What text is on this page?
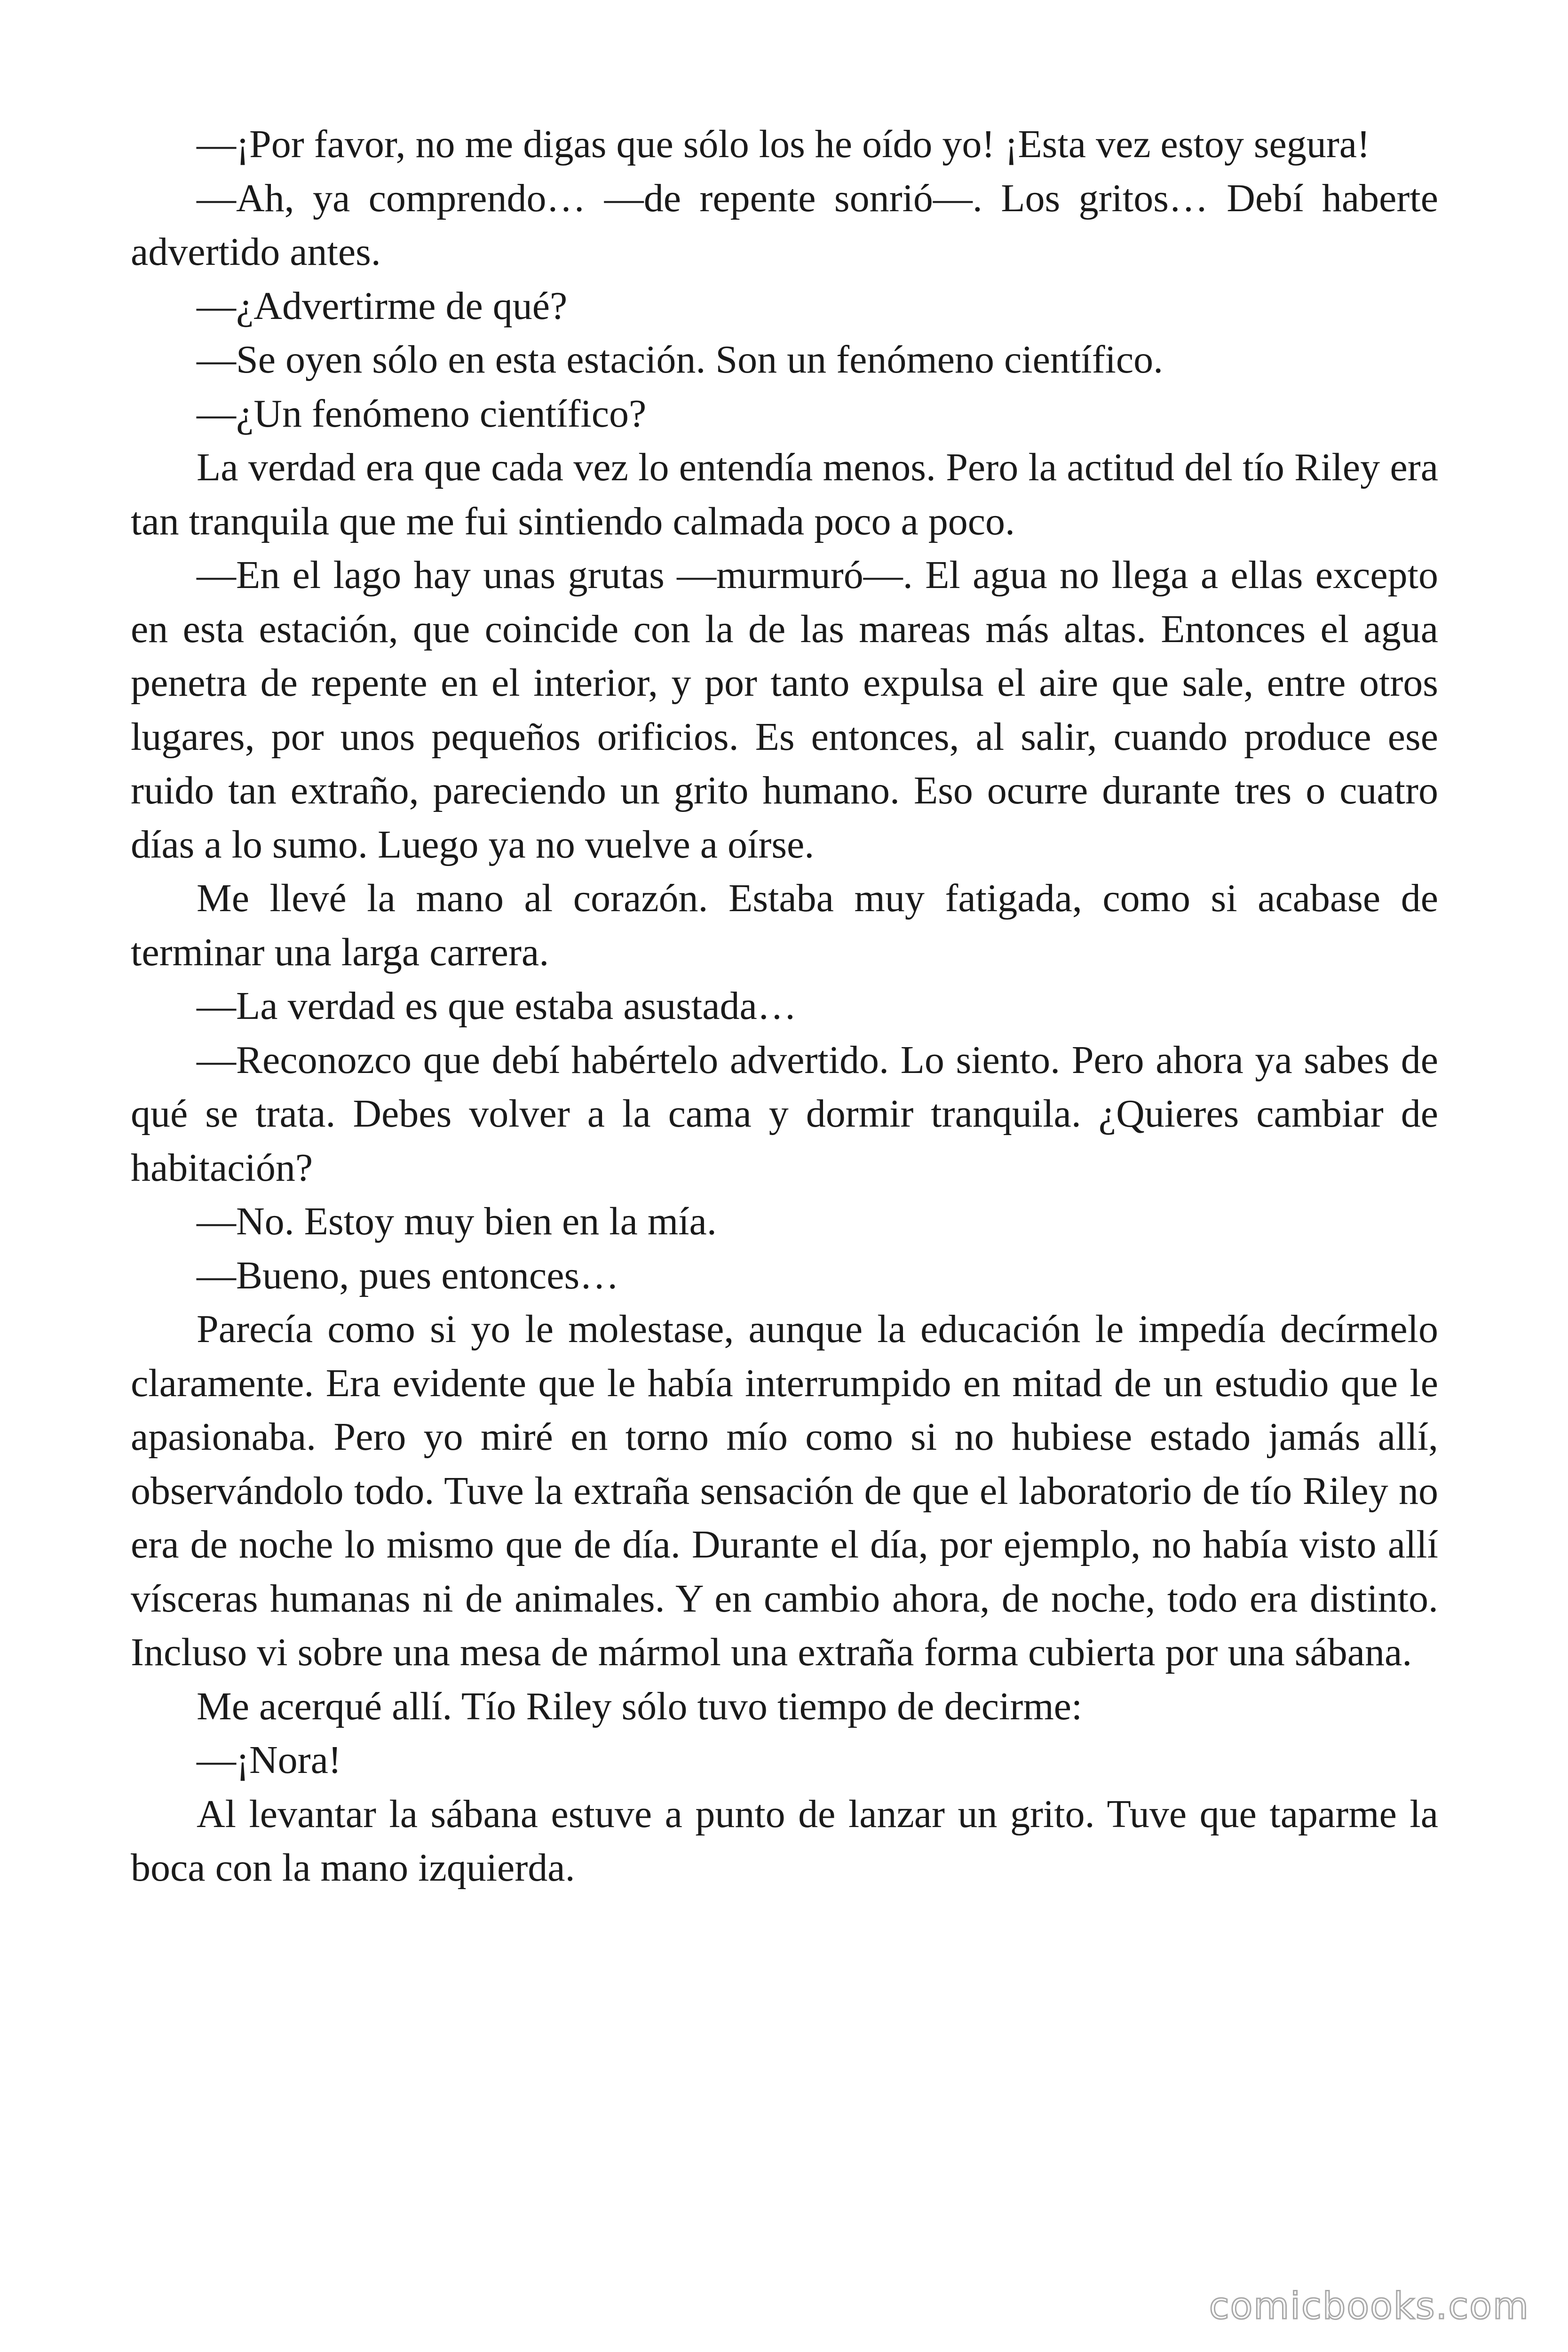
—¡Por favor, no me digas que sólo los he oído yo! ¡Esta vez estoy segura!

—Ah, ya comprendo… —de repente sonrió—. Los gritos… Debí haberte advertido antes.

—¿Advertirme de qué?

—Se oyen sólo en esta estación. Son un fenómeno científico.

—¿Un fenómeno científico?

La verdad era que cada vez lo entendía menos. Pero la actitud del tío Riley era tan tranquila que me fui sintiendo calmada poco a poco.

—En el lago hay unas grutas —murmuró—. El agua no llega a ellas excepto en esta estación, que coincide con la de las mareas más altas. Entonces el agua penetra de repente en el interior, y por tanto expulsa el aire que sale, entre otros lugares, por unos pequeños orificios. Es entonces, al salir, cuando produce ese ruido tan extraño, pareciendo un grito humano. Eso ocurre durante tres o cuatro días a lo sumo. Luego ya no vuelve a oírse.

Me llevé la mano al corazón. Estaba muy fatigada, como si acabase de terminar una larga carrera.

—La verdad es que estaba asustada…

—Reconozco que debí habértelo advertido. Lo siento. Pero ahora ya sabes de qué se trata. Debes volver a la cama y dormir tranquila. ¿Quieres cambiar de habitación?

—No. Estoy muy bien en la mía.

—Bueno, pues entonces…

Parecía como si yo le molestase, aunque la educación le impedía decírmelo claramente. Era evidente que le había interrumpido en mitad de un estudio que le apasionaba. Pero yo miré en torno mío como si no hubiese estado jamás allí, observándolo todo. Tuve la extraña sensación de que el laboratorio de tío Riley no era de noche lo mismo que de día. Durante el día, por ejemplo, no había visto allí vísceras humanas ni de animales. Y en cambio ahora, de noche, todo era distinto. Incluso vi sobre una mesa de mármol una extraña forma cubierta por una sábana.

Me acerqué allí. Tío Riley sólo tuvo tiempo de decirme:

—¡Nora!

Al levantar la sábana estuve a punto de lanzar un grito. Tuve que taparme la boca con la mano izquierda.

comicbooks.com
